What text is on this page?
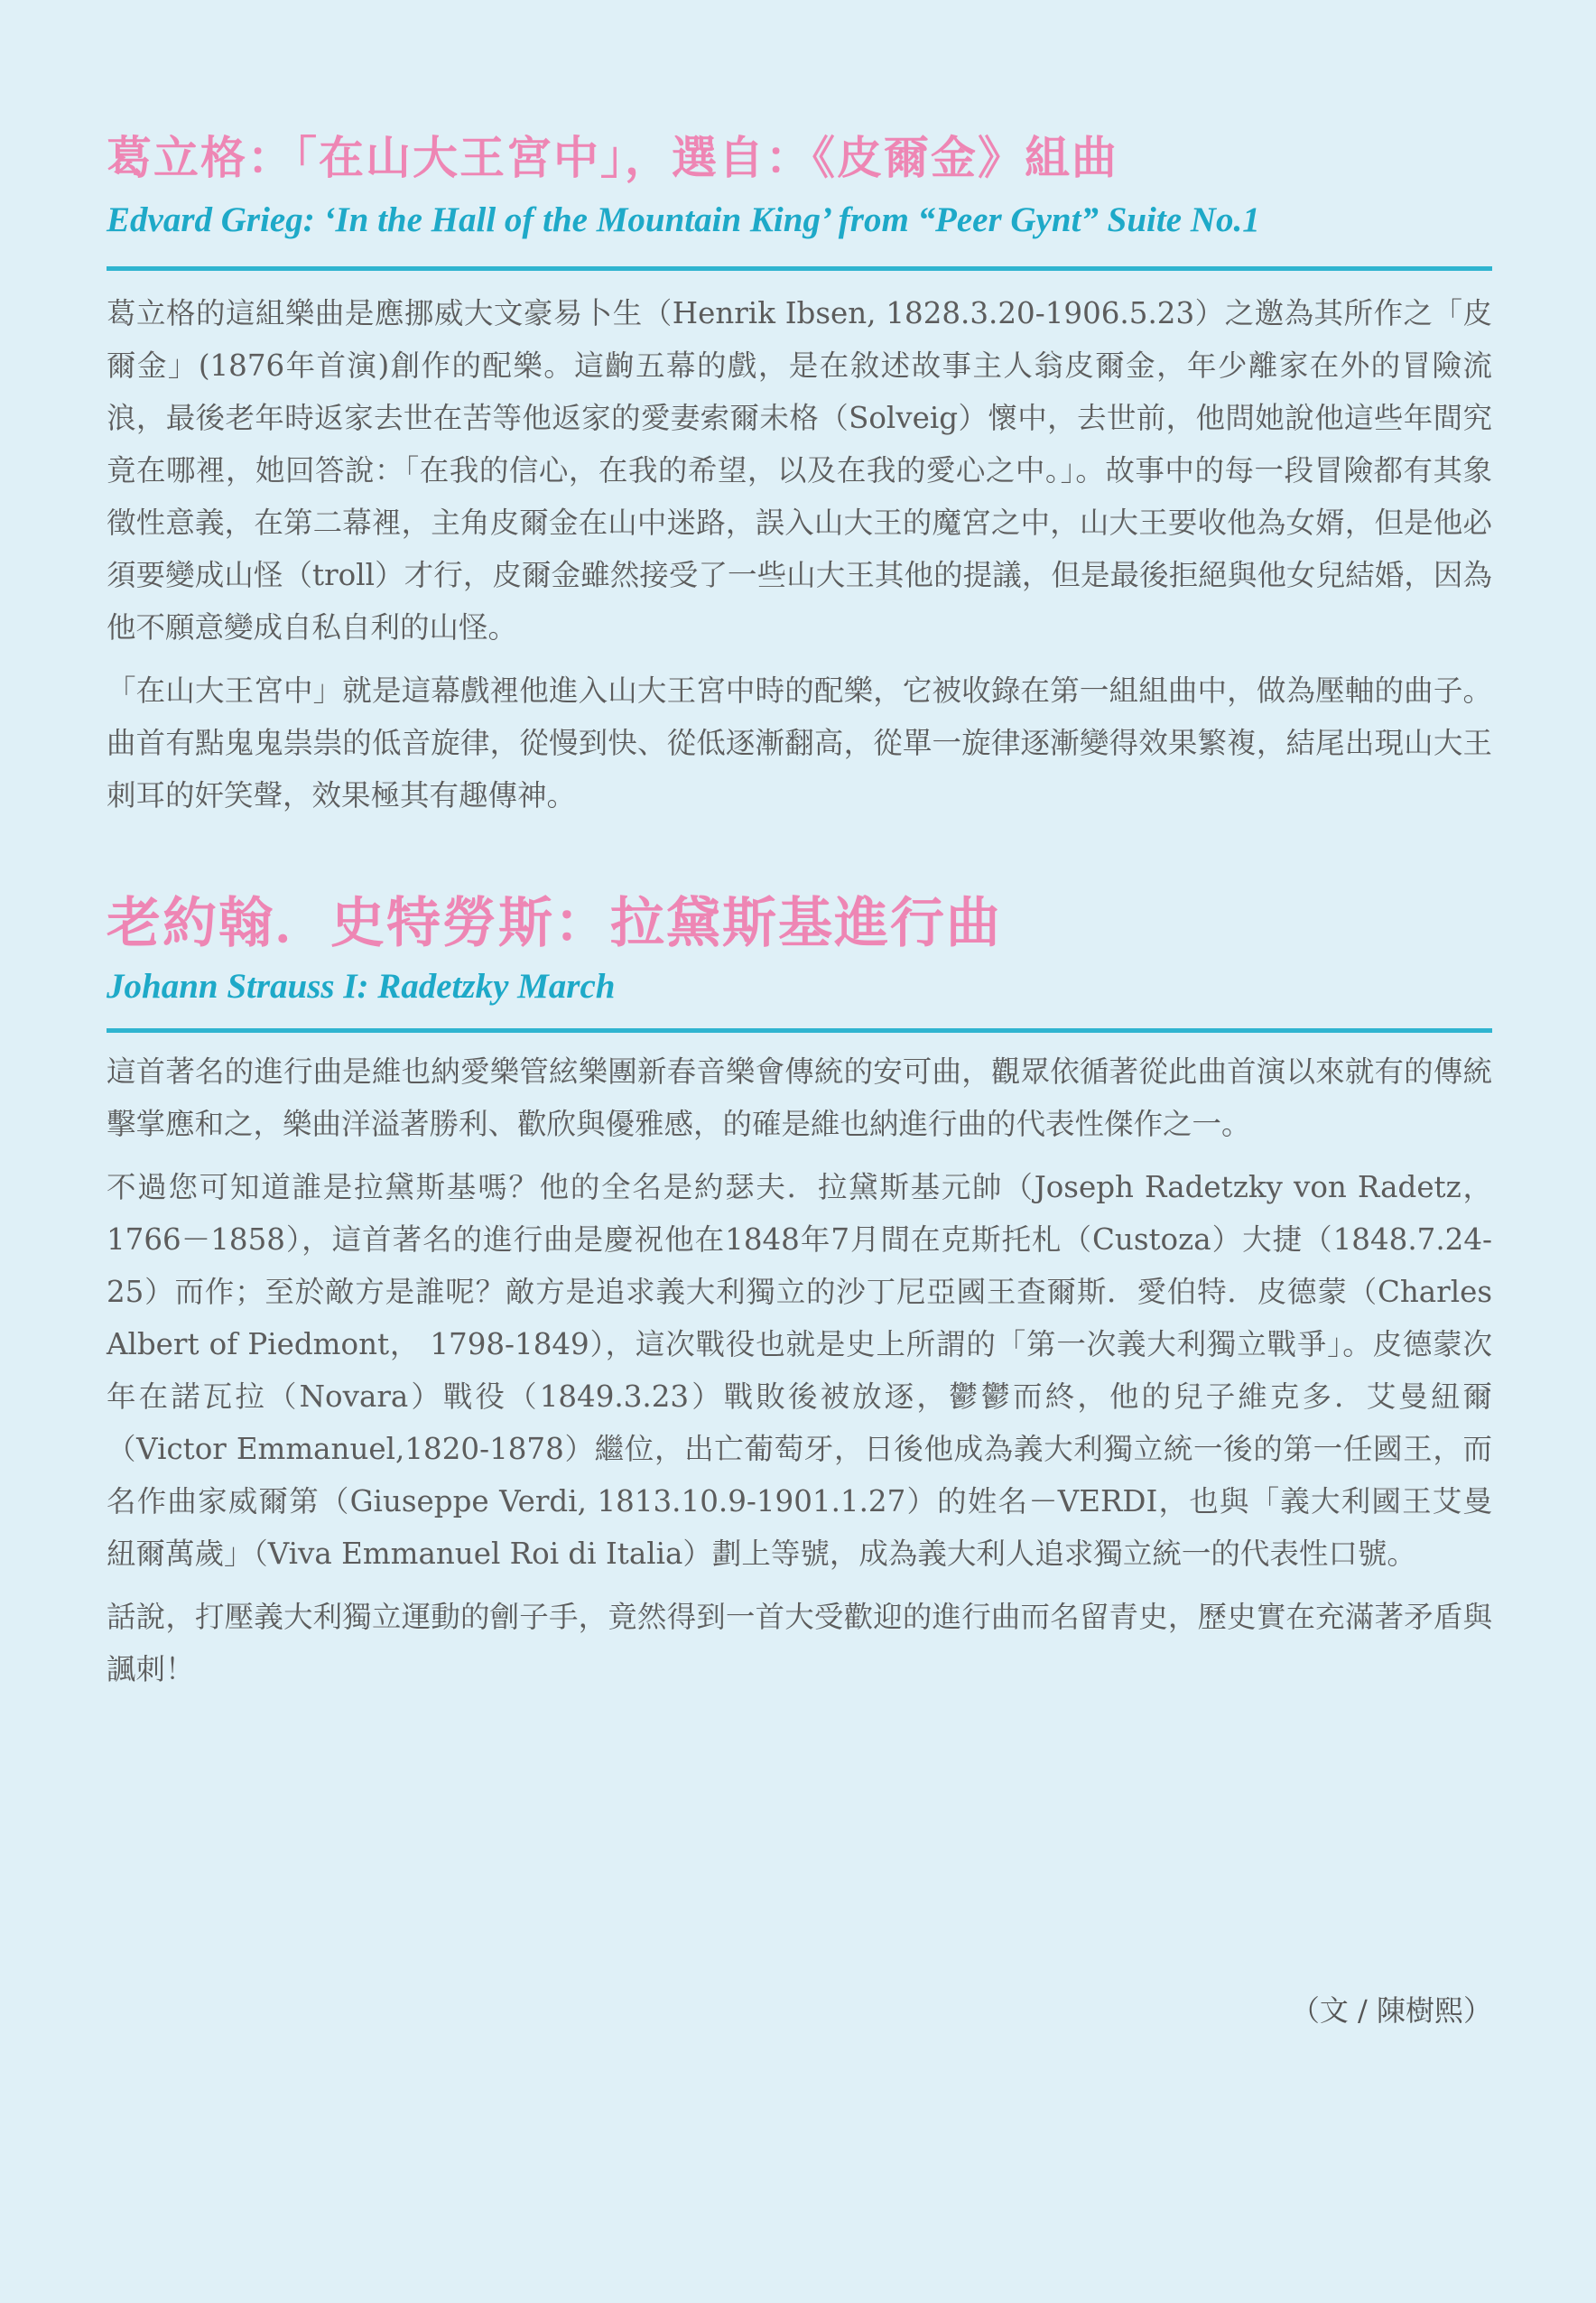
葛立格：「在山大王宮中」，選自：《皮爾金》組曲
Edvard Grieg: ‘In the Hall of the Mountain King’ from “Peer Gynt” Suite No.1

葛立格的這組樂曲是應挪威大文豪易卜生（Henrik Ibsen, 1828.3.20-1906.5.23）之邀為其所作之「皮爾金」(1876年首演)創作的配樂。這齣五幕的戲，是在敘述故事主人翁皮爾金，年少離家在外的冒險流浪，最後老年時返家去世在苦等他返家的愛妻索爾未格（Solveig）懷中，去世前，他問她說他這些年間究竟在哪裡，她回答說：「在我的信心，在我的希望，以及在我的愛心之中。」。故事中的每一段冒險都有其象徵性意義，在第二幕裡，主角皮爾金在山中迷路，誤入山大王的魔宮之中，山大王要收他為女婿，但是他必須要變成山怪（troll）才行，皮爾金雖然接受了一些山大王其他的提議，但是最後拒絕與他女兒結婚，因為他不願意變成自私自利的山怪。

「在山大王宮中」就是這幕戲裡他進入山大王宮中時的配樂，它被收錄在第一組組曲中，做為壓軸的曲子。曲首有點鬼鬼祟祟的低音旋律，從慢到快、從低逐漸翻高，從單一旋律逐漸變得效果繁複，結尾出現山大王刺耳的奸笑聲，效果極其有趣傳神。

老約翰．史特勞斯：拉黛斯基進行曲
Johann Strauss I: Radetzky March

這首著名的進行曲是維也納愛樂管絃樂團新春音樂會傳統的安可曲，觀眾依循著從此曲首演以來就有的傳統擊掌應和之，樂曲洋溢著勝利、歡欣與優雅感，的確是維也納進行曲的代表性傑作之一。

不過您可知道誰是拉黛斯基嗎？他的全名是約瑟夫．拉黛斯基元帥（Joseph Radetzky von Radetz，1766－1858），這首著名的進行曲是慶祝他在1848年7月間在克斯托札（Custoza）大捷（1848.7.24-25）而作；至於敵方是誰呢？敵方是追求義大利獨立的沙丁尼亞國王查爾斯．愛伯特．皮德蒙（Charles Albert of Piedmont， 1798-1849），這次戰役也就是史上所謂的「第一次義大利獨立戰爭」。皮德蒙次年在諾瓦拉（Novara）戰役（1849.3.23）戰敗後被放逐，鬱鬱而終，他的兒子維克多．艾曼紐爾（Victor Emmanuel,1820-1878）繼位，出亡葡萄牙，日後他成為義大利獨立統一後的第一任國王，而名作曲家威爾第（Giuseppe Verdi, 1813.10.9-1901.1.27）的姓名－VERDI，也與「義大利國王艾曼紐爾萬歲」（Viva Emmanuel Roi di Italia）劃上等號，成為義大利人追求獨立統一的代表性口號。

話說，打壓義大利獨立運動的劊子手，竟然得到一首大受歡迎的進行曲而名留青史，歷史實在充滿著矛盾與諷刺！

（文 / 陳樹熙）
